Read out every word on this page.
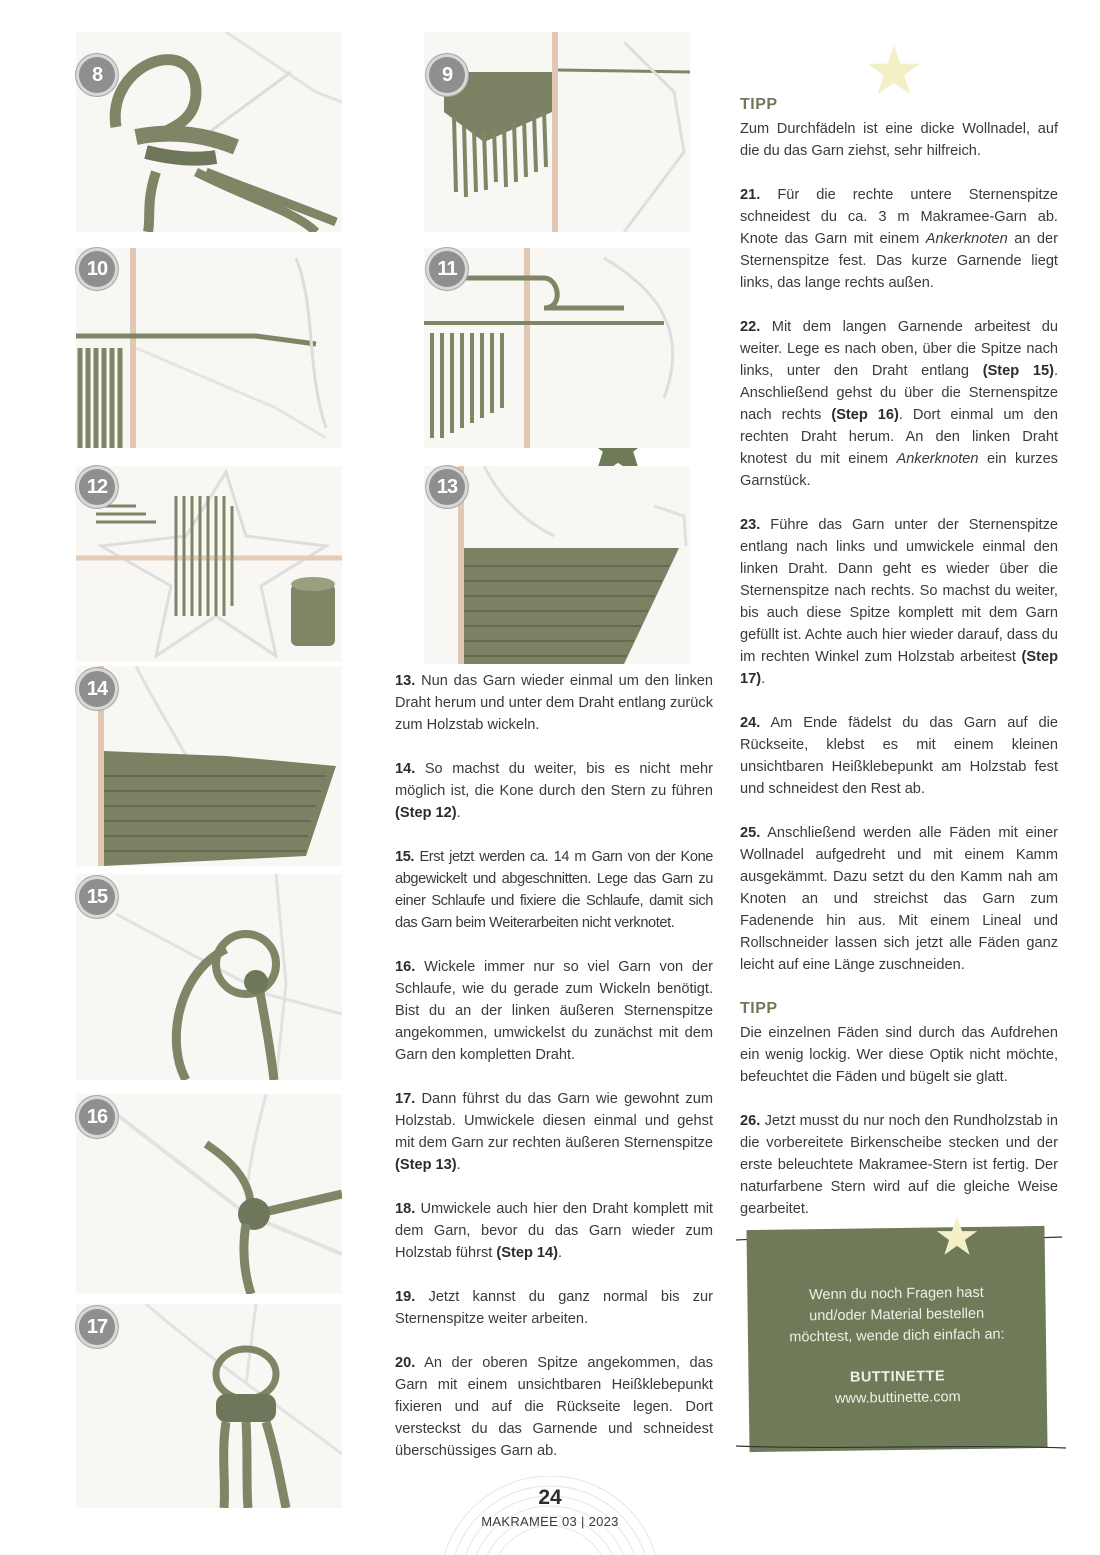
8
10
12
14
15
16
17
9
11
13

13. Nun das Garn wieder einmal um den linken Draht herum und unter dem Draht entlang zurück zum Holzstab wickeln.

14. So machst du weiter, bis es nicht mehr möglich ist, die Kone durch den Stern zu führen (Step 12).

15. Erst jetzt werden ca. 14 m Garn von der Kone abgewickelt und abgeschnitten. Lege das Garn zu einer Schlaufe und fixiere die Schlaufe, damit sich das Garn beim Weiterarbeiten nicht verknotet.

16. Wickele immer nur so viel Garn von der Schlaufe, wie du gerade zum Wickeln benötigt. Bist du an der linken äußeren Sternenspitze angekommen, umwickelst du zunächst mit dem Garn den kompletten Draht.

17. Dann führst du das Garn wie gewohnt zum Holzstab. Umwickele diesen einmal und gehst mit dem Garn zur rechten äußeren Sternenspitze (Step 13).

18. Umwickele auch hier den Draht komplett mit dem Garn, bevor du das Garn wieder zum Holzstab führst (Step 14).

19. Jetzt kannst du ganz normal bis zur Sternenspitze weiter arbeiten.

20. An der oberen Spitze angekommen, das Garn mit einem unsichtbaren Heißklebepunkt fixieren und auf die Rückseite legen. Dort versteckst du das Garnende und schneidest überschüssiges Garn ab.

TIPP

Zum Durchfädeln ist eine dicke Wollnadel, auf die du das Garn ziehst, sehr hilfreich.

21. Für die rechte untere Sternenspitze schneidest du ca. 3 m Makramee-Garn ab. Knote das Garn mit einem Ankerknoten an der Sternenspitze fest. Das kurze Garnende liegt links, das lange rechts außen.

22. Mit dem langen Garnende arbeitest du weiter. Lege es nach oben, über die Spitze nach links, unter den Draht entlang (Step 15). Anschließend gehst du über die Sternenspitze nach rechts (Step 16). Dort einmal um den rechten Draht herum. An den linken Draht knotest du mit einem Ankerknoten ein kurzes Garnstück.

23. Führe das Garn unter der Sternenspitze entlang nach links und umwickele einmal den linken Draht. Dann geht es wieder über die Sternenspitze nach rechts. So machst du weiter, bis auch diese Spitze komplett mit dem Garn gefüllt ist. Achte auch hier wieder darauf, dass du im rechten Winkel zum Holzstab arbeitest (Step 17).

24. Am Ende fädelst du das Garn auf die Rückseite, klebst es mit einem kleinen unsichtbaren Heißklebepunkt am Holzstab fest und schneidest den Rest ab.

25. Anschließend werden alle Fäden mit einer Wollnadel aufgedreht und mit einem Kamm ausgekämmt. Dazu setzt du den Kamm nah am Knoten an und streichst das Garn zum Fadenende hin aus. Mit einem Lineal und Rollschneider lassen sich jetzt alle Fäden ganz leicht auf eine Länge zuschneiden.

TIPP

Die einzelnen Fäden sind durch das Aufdrehen ein wenig lockig. Wer diese Optik nicht möchte, befeuchtet die Fäden und bügelt sie glatt.

26. Jetzt musst du nur noch den Rundholzstab in die vorbereitete Birkenscheibe stecken und der erste beleuchtete Makramee-Stern ist fertig. Der naturfarbene Stern wird auf die gleiche Weise gearbeitet.

Wenn du noch Fragen hast
und/oder Material bestellen
möchtest, wende dich einfach an:
BUTTINETTE
www.buttinette.com
24
MAKRAMEE 03 | 2023
